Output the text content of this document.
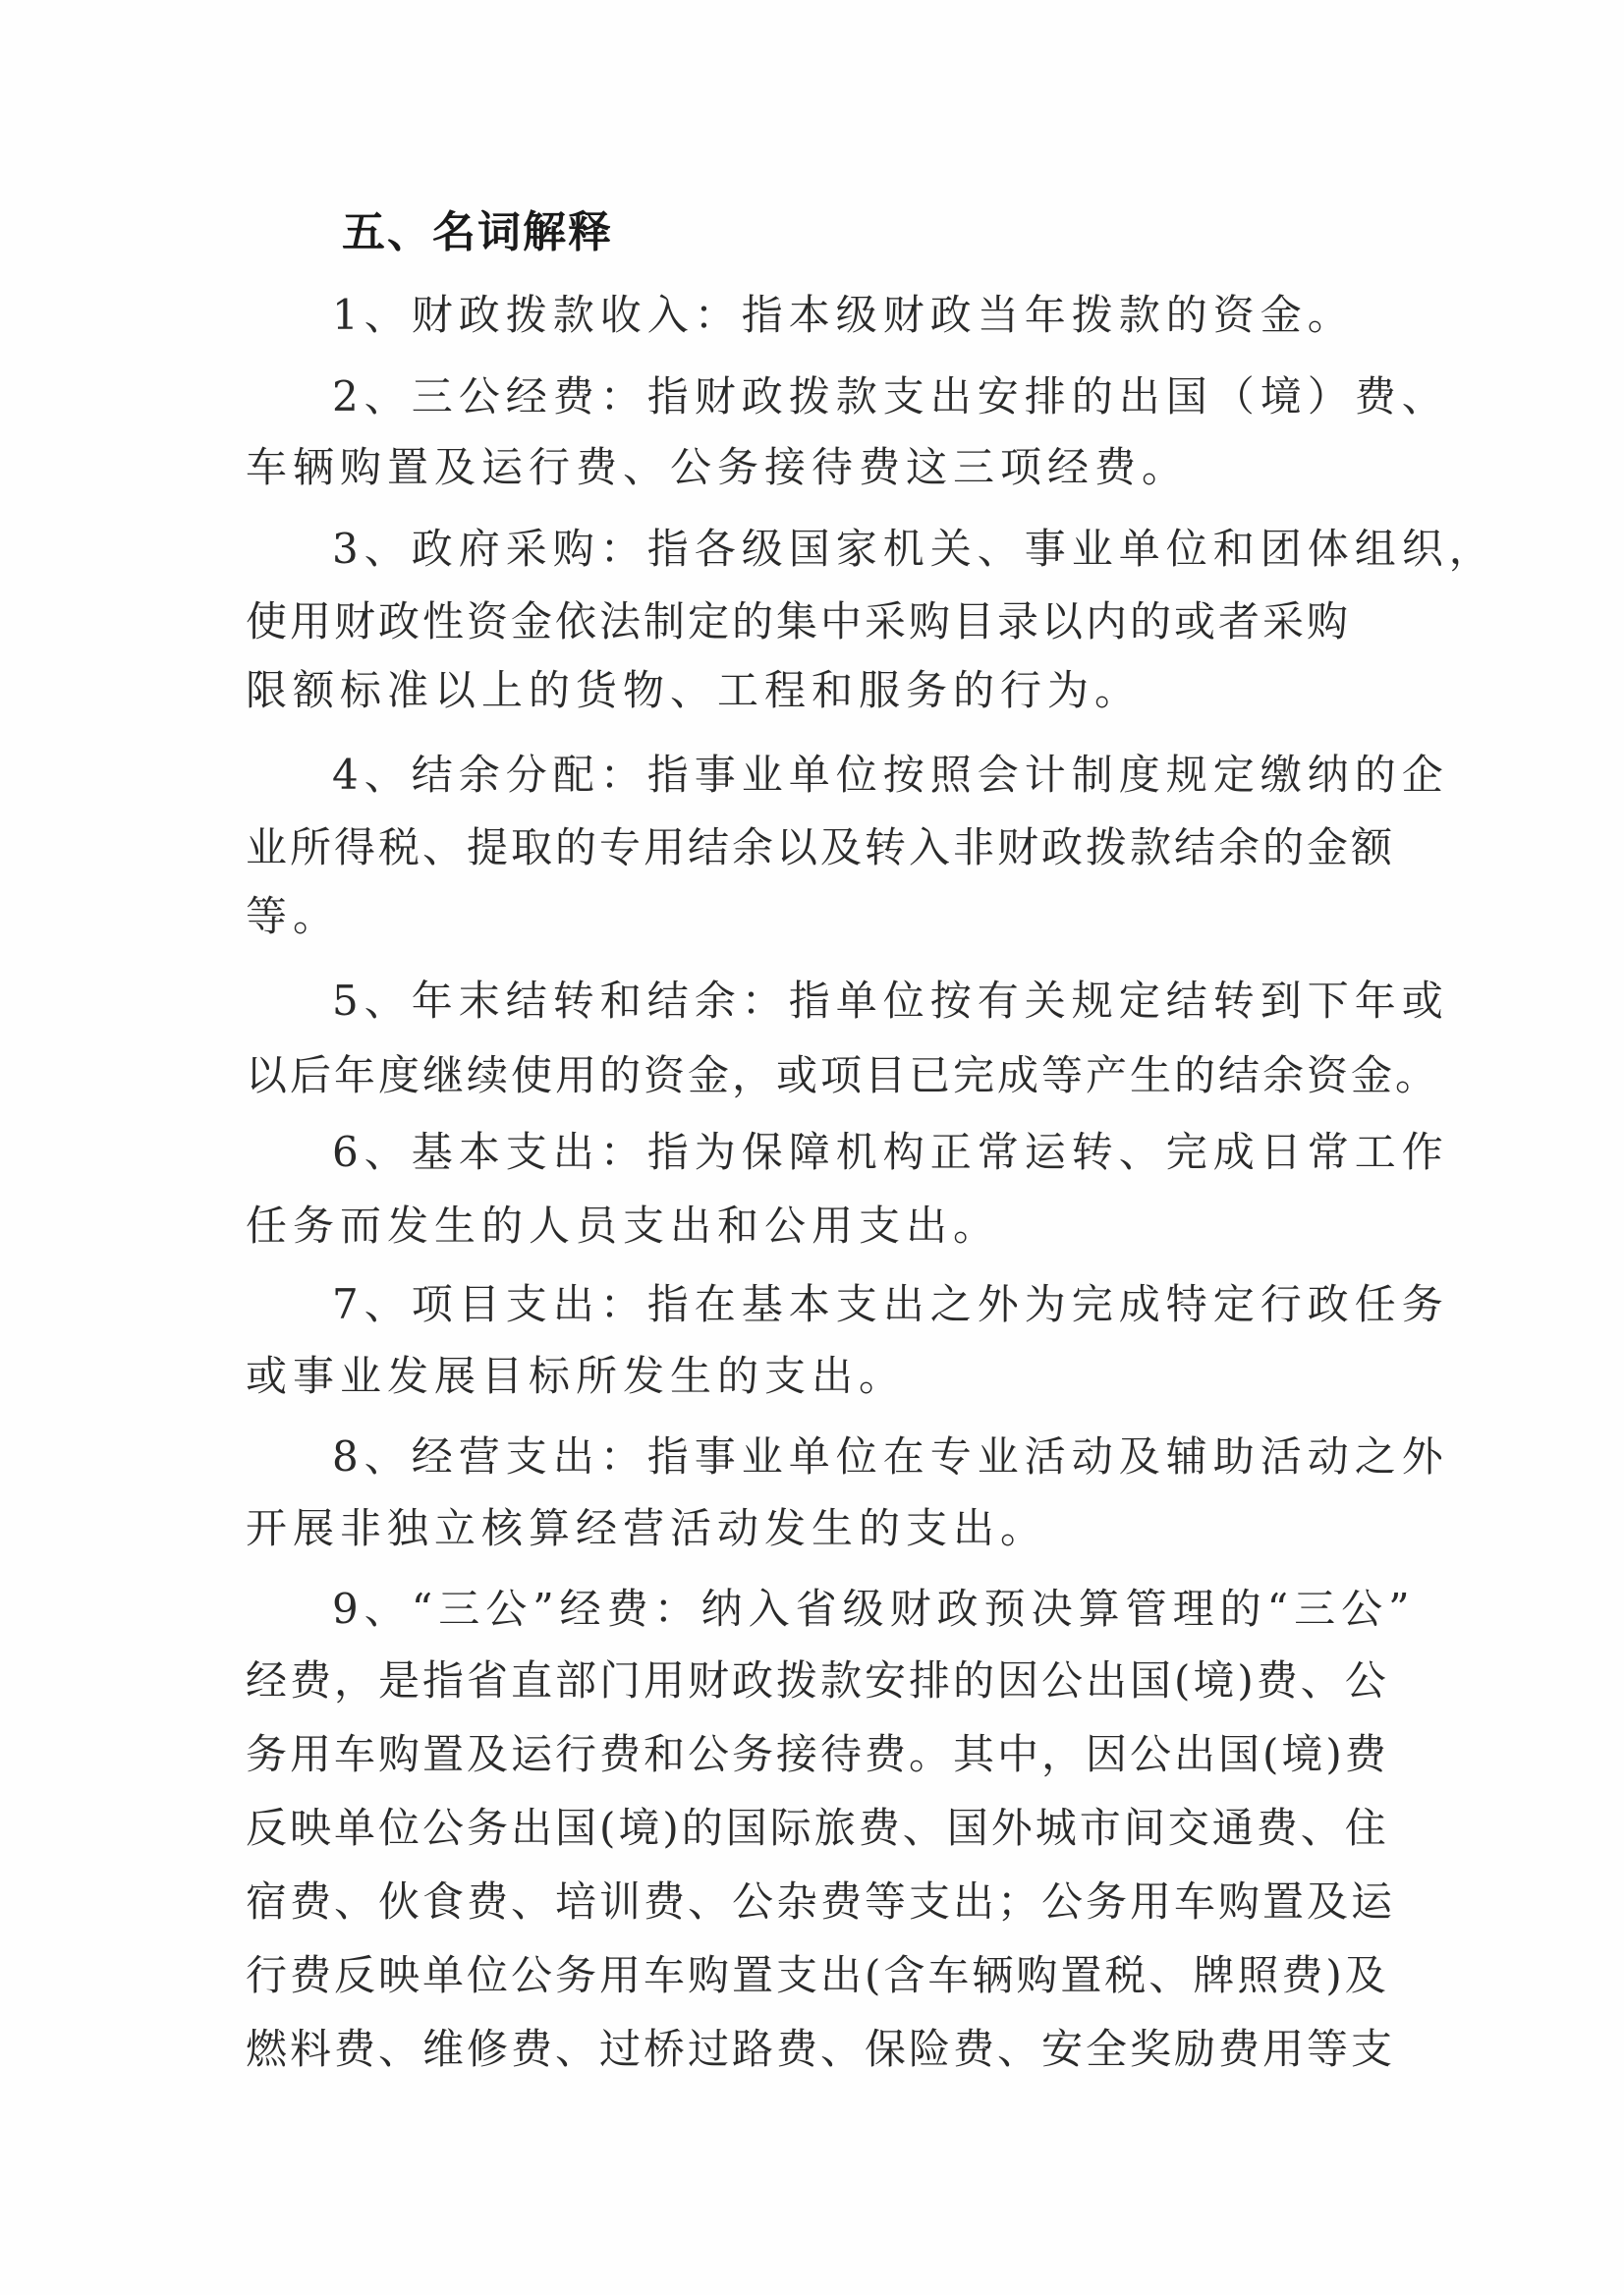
五、名词解释
1、财政拨款收入：指本级财政当年拨款的资金。
2、三公经费：指财政拨款支出安排的出国（境）费、
车辆购置及运行费、公务接待费这三项经费。
3、政府采购：指各级国家机关、事业单位和团体组织，
使用财政性资金依法制定的集中采购目录以内的或者采购
限额标准以上的货物、工程和服务的行为。
4、结余分配：指事业单位按照会计制度规定缴纳的企
业所得税、提取的专用结余以及转入非财政拨款结余的金额
等。
5、年末结转和结余：指单位按有关规定结转到下年或
以后年度继续使用的资金，或项目已完成等产生的结余资金。
6、基本支出：指为保障机构正常运转、完成日常工作
任务而发生的人员支出和公用支出。
7、项目支出：指在基本支出之外为完成特定行政任务
或事业发展目标所发生的支出。
8、经营支出：指事业单位在专业活动及辅助活动之外
开展非独立核算经营活动发生的支出。
9、“三公”经费：纳入省级财政预决算管理的“三公”
经费，是指省直部门用财政拨款安排的因公出国(境)费、公
务用车购置及运行费和公务接待费。其中，因公出国(境)费
反映单位公务出国(境)的国际旅费、国外城市间交通费、住
宿费、伙食费、培训费、公杂费等支出；公务用车购置及运
行费反映单位公务用车购置支出(含车辆购置税、牌照费)及
燃料费、维修费、过桥过路费、保险费、安全奖励费用等支
